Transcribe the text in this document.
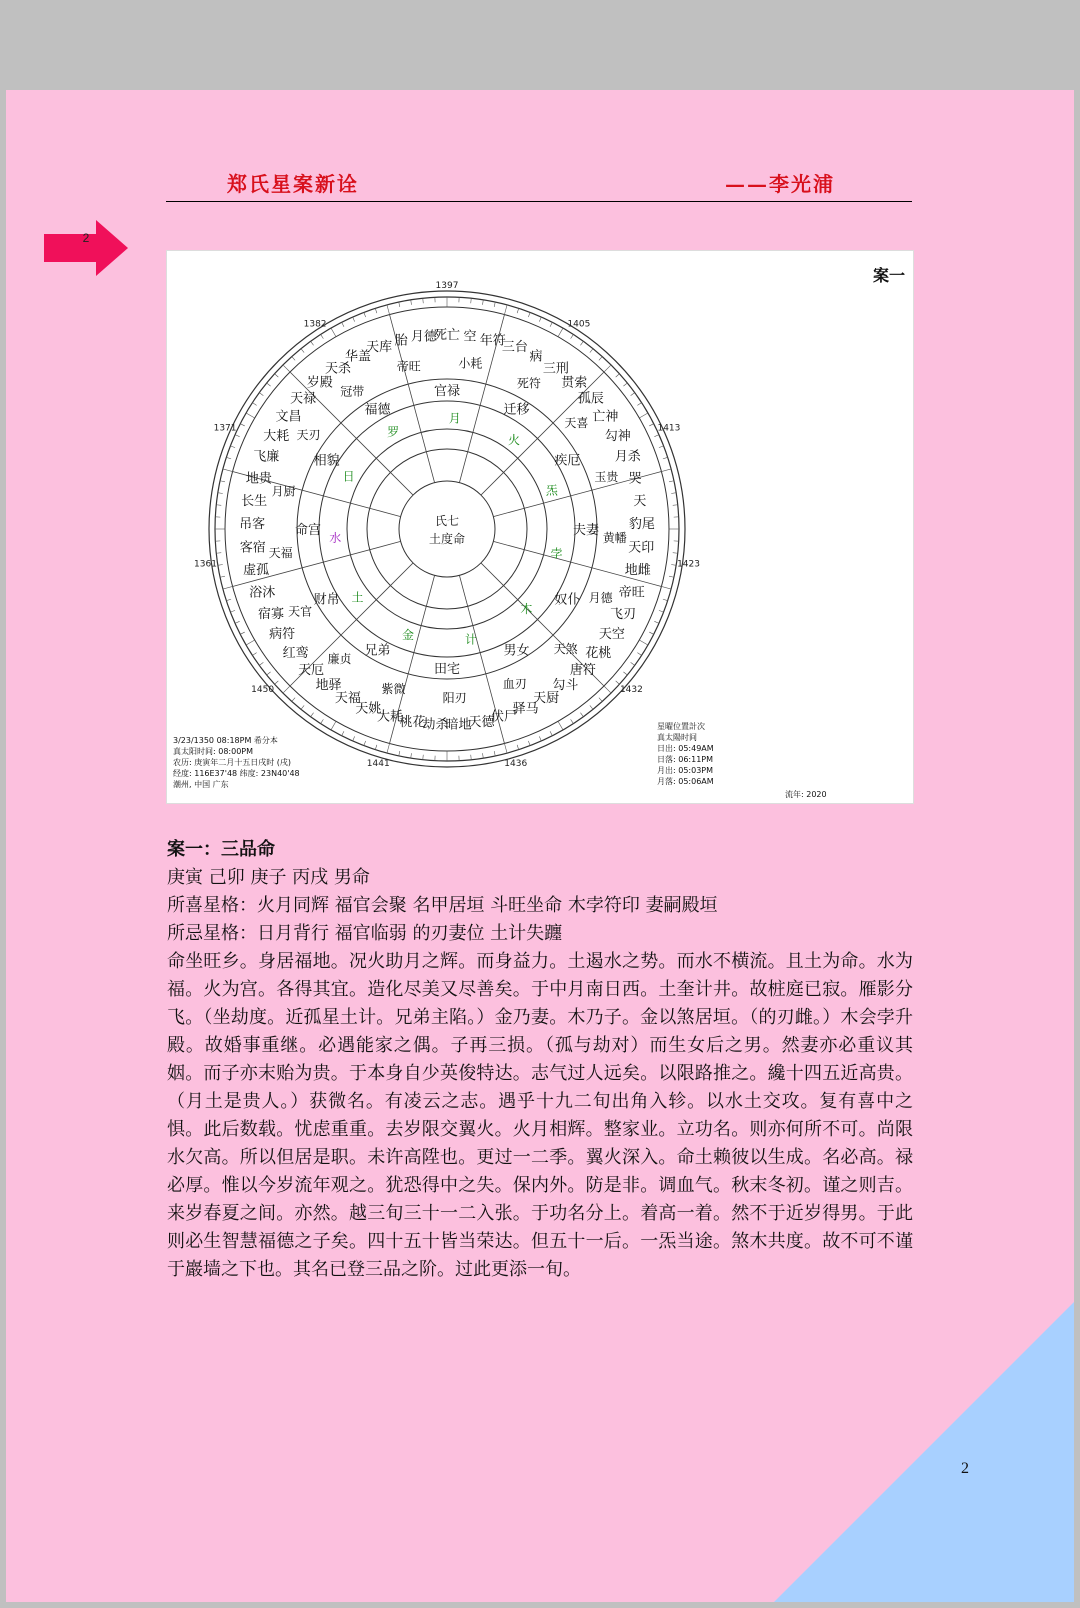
郑氏星案新诠	——李光浦
2
1397
1405
1413
1423
1432
1436
1441
1450
1361
1371
1382
死亡 空 年符
三台
病
三刑
贯索
孤辰
亡神
勾神
月杀
哭
天
豹尾
天印
地雌
帝旺
飞刃
天空
花桃
唐符
勾斗
天厨
驿马
伏尸
天德
暗地
劫杀
桃花
大耗
天姚
天福
地驿
天厄
红鸾
病符
宿寡
浴沐
虚孤
客宿
吊客
长生
地贵
飞廉
大耗
文昌
天禄
岁殿
天杀
华盖
天库 胎 月德
小耗
死符
天喜
玉贵
黄幡
月德
天煞
血刃
阳刃
紫微
廉贞
天官
天福
月厨
天刃
冠带
帝旺
官禄
迁移
疾厄
夫妻
奴仆
男女
田宅
兄弟
财帛
命宫
相貌
福德
月
火
炁
孛
木
计
金
土
水
日
罗
氏七
土度命
案一
3/23/1350 08:18PM 希分本
真太阳时间: 08:00PM
农历: 庚寅年二月十五日戌时 (戌)
经度: 116E37'48 纬度: 23N40'48
潮州, 中国 广东
星曜位置計次
真太陽时间
日出: 05:49AM
日落: 06:11PM
月出: 05:03PM
月落: 05:06AM
流年: 2020
案一：三品命
庚寅 己卯 庚子 丙戌 男命
所喜星格：火月同辉 福官会聚 名甲居垣 斗旺坐命 木孛符印 妻嗣殿垣
所忌星格：日月背行 福官临弱 的刃妻位 土计失躔
命坐旺乡。身居福地。况火助月之辉。而身益力。土遏水之势。而水不横流。且土为命。水为福。火为宫。各得其宜。造化尽美又尽善矣。于中月南日西。土奎计井。故桩庭已寂。雁影分飞。（坐劫度。近孤星土计。兄弟主陷。）金乃妻。木乃子。金以煞居垣。（的刃雌。）木会孛升殿。故婚事重继。必遇能家之偶。子再三损。（孤与劫对）而生女后之男。然妻亦必重议其姻。而子亦末贻为贵。于本身自少英俊特达。志气过人远矣。以限路推之。纔十四五近高贵。（月土是贵人。）获微名。有凌云之志。遇乎十九二旬出角入轸。以水土交攻。复有喜中之惧。此后数载。忧虑重重。去岁限交翼火。火月相辉。整家业。立功名。则亦何所不可。尚限水欠高。所以但居是职。未许高陞也。更过一二季。翼火深入。命土赖彼以生成。名必高。禄必厚。惟以今岁流年观之。犹恐得中之失。保内外。防是非。调血气。秋末冬初。谨之则吉。来岁春夏之间。亦然。越三旬三十一二入张。于功名分上。着高一着。然不于近岁得男。于此则必生智慧福德之子矣。四十五十皆当荣达。但五十一后。一炁当途。煞木共度。故不可不谨于巖墙之下也。其名已登三品之阶。过此更添一旬。
2
